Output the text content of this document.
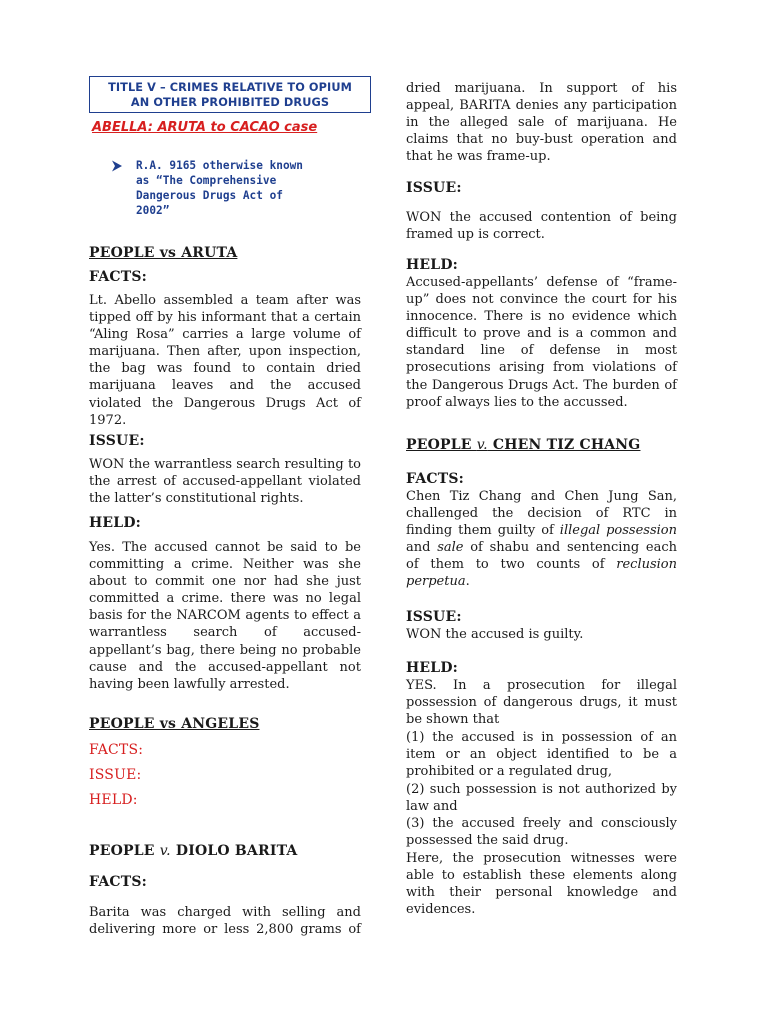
TITLE V – CRIMES RELATIVE TO OPIUM
AN OTHER PROHIBITED DRUGS
ABELLA: ARUTA to CACAO case
R.A. 9165 otherwise known
as “The Comprehensive
Dangerous Drugs Act of
2002”
PEOPLE vs ARUTA
FACTS:

Lt. Abello assembled a team after was tipped off by his informant that a certain “Aling Rosa” carries a large volume of marijuana. Then after, upon inspection, the bag was found to contain dried marijuana leaves and the accused violated the Dangerous Drugs Act of 1972.

ISSUE:

WON the warrantless search resulting to the arrest of accused-appellant violated the latter’s constitutional rights.

HELD:

Yes. The accused cannot be said to be committing a crime. Neither was she about to commit one nor had she just committed a crime. there was no legal basis for the NARCOM agents to effect a warrantless search of accused-appellant’s bag, there being no probable cause and the accused-appellant not having been lawfully arrested.

PEOPLE vs ANGELES
FACTS:
ISSUE:
HELD:
PEOPLE v. DIOLO BARITA
FACTS:

Barita was charged with selling and delivering more or less 2,800 grams of

dried marijuana. In support of his appeal, BARITA denies any participation in the alleged sale of marijuana. He claims that no buy-bust operation and that he was frame-up.

ISSUE:

WON the accused contention of being framed up is correct.

HELD:

Accused-appellants’ defense of “frame-up” does not convince the court for his innocence. There is no evidence which difficult to prove and is a common and standard line of defense in most prosecutions arising from violations of the Dangerous Drugs Act. The burden of proof always lies to the accussed.

PEOPLE v. CHEN TIZ CHANG
FACTS:

Chen Tiz Chang and Chen Jung San, challenged the decision of RTC in finding them guilty of illegal possession and sale of shabu and sentencing each of them to two counts of reclusion perpetua.

ISSUE:

WON the accused is guilty.

HELD:

YES. In a prosecution for illegal possession of dangerous drugs, it must be shown that

(1) the accused is in possession of an item or an object identified to be a prohibited or a regulated drug,

(2) such possession is not authorized by law and

(3) the accused freely and consciously possessed the said drug.

Here, the prosecution witnesses were able to establish these elements along with their personal knowledge and evidences.
